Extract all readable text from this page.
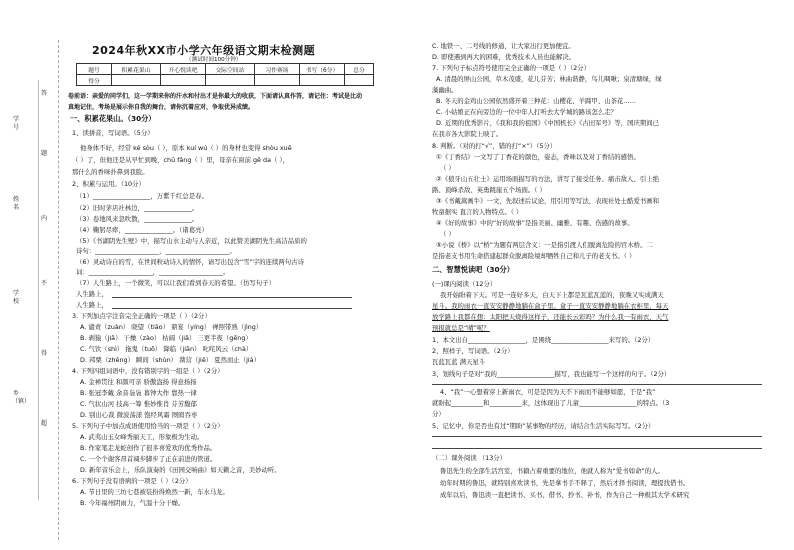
学号
姓名
学校
乡（镇）
答
题
内
不
得
超
2024年秋XX市小学六年级语文期末检测题
（测试时间100分钟）
题号	积累花果山	开心悦读吧	交际空间站	习作赛场	书写（6分）	总分
得分						
卷前语：亲爱的同学们，这一学期来你的汗水和付出才是你最大的收获，下面请认真作答，请记住：考试是比动
真地记住，考场是展示你自我的舞台，请你沉着应对，争取优异成绩。
一、积累花果山。（30分）
1、读拼音，写词语。（5分）
他身体不好，经常 ké sòu（ ），原本 kuí wú（ ）的身材也变得 shòu xuē
（ ）了，但他还是从早忙到晚，chū fǎng（ ）里，母亲在窗前 gē da（ ），
那什么的香味扑鼻到我脸。
2、积累与运用。（10分）
（1）__________________，万紫千红总是春。
（2）旧时茅店社林边，_______________。
（3）卷地风来忽吹散，_______________。
（4）鞠躬尽瘁，_______________。（诸葛亮）
（5）《书湖阴先生壁》中，描写山水主动与人亲近，以此赞美湖阴先生高洁品质的
诗句：____________________，____________________。
（6）灵动诗自的雪，在世间粒动诗人的情怀，请写出包含“雪”字的连续两句古诗
词：____________________，____________________。
（7）人生路上，一个微笑，可以让我们看到春天的希望。（仿写句子）
人生路上，
人生路上，
3. 下列加点字注音完全正确的一项是（ ）（2分）
A. 谴责（zuàn） 晓望（tiāo） 鼎宴（yíng） 禅照带熟（jìng）
B. 剥猿（jiā） 干燥（zào） 枯阔（jiǎ） 三更半夜（gēng）
C. 气饮（shì） 拖鬼（tuō） 降临（jiān） 叱咤风云（chà）
D. 邦栗（zhēng） 瞬间（shùn） 凿营（jiē） 夏然而止（jiá）
4. 下列四组词语中，没有错别字的一组是（ ）（2分）
A. 金禅贯往 和颜可亲 骄傲盎扬 得意扬扬
B. 张冠李戴 余音袅袅 暮钟大作 靠热一律
C. 气状山河 技高一筹 惟妙惟肖 芬芳馥郁
D. 别出心裁 微波荡漾 饱经风霜 囫囵吞枣
5. 下列句子中加点成语使用恰当的一项是（ ）（2分）
A. 武夷山玉女峰秀丽天工，形象极为生动。
B. 作家笔走龙蛇创作了很多喜爱欢的优秀作品。
C. 一个个谢客昂首阔步脚步了正在前进的管道。
D. 新年音乐会上，乐队演奏的《田园交响曲》如天籁之音，美妙动听。
6. 下列句子没有语病的一项是（ ）（2分）
A. 节日里的三坊七巷被装扮得焕然一新，车水马龙。
B. 今年福州阴雨力，气温十分干燥。
C. 地铁一、二号线的修通，让大家出行更加便宜。
D. 即使遇到再大的困难，优秀技术人员也能解决。
7. 下列句子标点符号使用完全正确的一项是（ ）（2分）
A. 清晨的屏山公园，草木茂盛，花儿芬芳；林曲谐静，鸟儿啁啾；泉清塘绿，绿
藻幽曲。
B. 冬天的金鸡山公园依然盛开着三种花：山樱花、羊蹄甲、山茶花……
C. 小姑娘正在向旁边的一位中年人打听去大学城的路该怎么走？
D. 近期的优秀影片，《我和我的祖国》《中国机长》《古田军号》等，国庆期间已
在我市各大影院上映了。
8. 判断。（对的打“√”，错的打“×”）（5分）
①《丁香结》一文写了丁香花的颜色，姿态，香味以及对丁香结的感悟。
（ ）
②《狼牙山五壮士》运用场面描写的方法，讲写了接受任务、痛击敌人、引上绝
路、顶峰杀敌、英勇跳崖五个场面。（ ）
③《书戴嵩画牛》一文，先叙述后议论，用引用等写法，表现社处士酷爱书画和
牧童据实 直言的人物特点。（ ）
④《好的故事》中的“好的故事”是指美丽、幽雅、有趣、伤感的故事。
（ ）
⑤小说《桥》以“桥”为题有两层含义：一是指引渡人们脱离危险的官木桥。二
是指老支书用生命搭建起群众脱离险境却牺牲自己和儿子的老支书。（ ）
二、智慧悦读吧（30分）
(一)课内阅读（12分）
我开始盼着下天。可是一连好多天，白天下上都是瓦蓝瓦蓝的，夜晚又实成满天
星斗。我的雨衣一直安安静静地躺在盒子里。盒子一直安安静静地躺在衣柜里，每天
放学路上我都在想：太阳把天烧得这样子，还能长云彩吗？为什么我一有雨衣，天气
预报就总是“晴”呢？
1、本文出自__________________，是围绕__________________来写的。（2分）
2、照样子，写词语。（2分）
瓦蓝瓦蓝 满天星斗
3、划线句子是对“我的__________________描写，我也能写一个这样的句子。（2分）
4、“我”一心想着穿上新雨衣，可是是因为天不下雨而不能够如愿，于是“我”
就盼起__________和__________来，这体现出了儿童__________________的特点。（3
分）
5、记忆中，你是否也有过“期盼”某事物的经历，请结合生活实际写写。（2分）
（二）课外阅读 （13分）
鲁迅先生的全部生活宫室，书籍占着重要的地位，他就人称为“爱书如命”的人。
幼年时期的鲁迅，就特别喜欢读书，先是拿书手不释了，然后才择书阅读，理提找借书。
成年以后，鲁迅读一直把读书、买书、借书、抄书、补书，作为自己一种极其大学术研究
